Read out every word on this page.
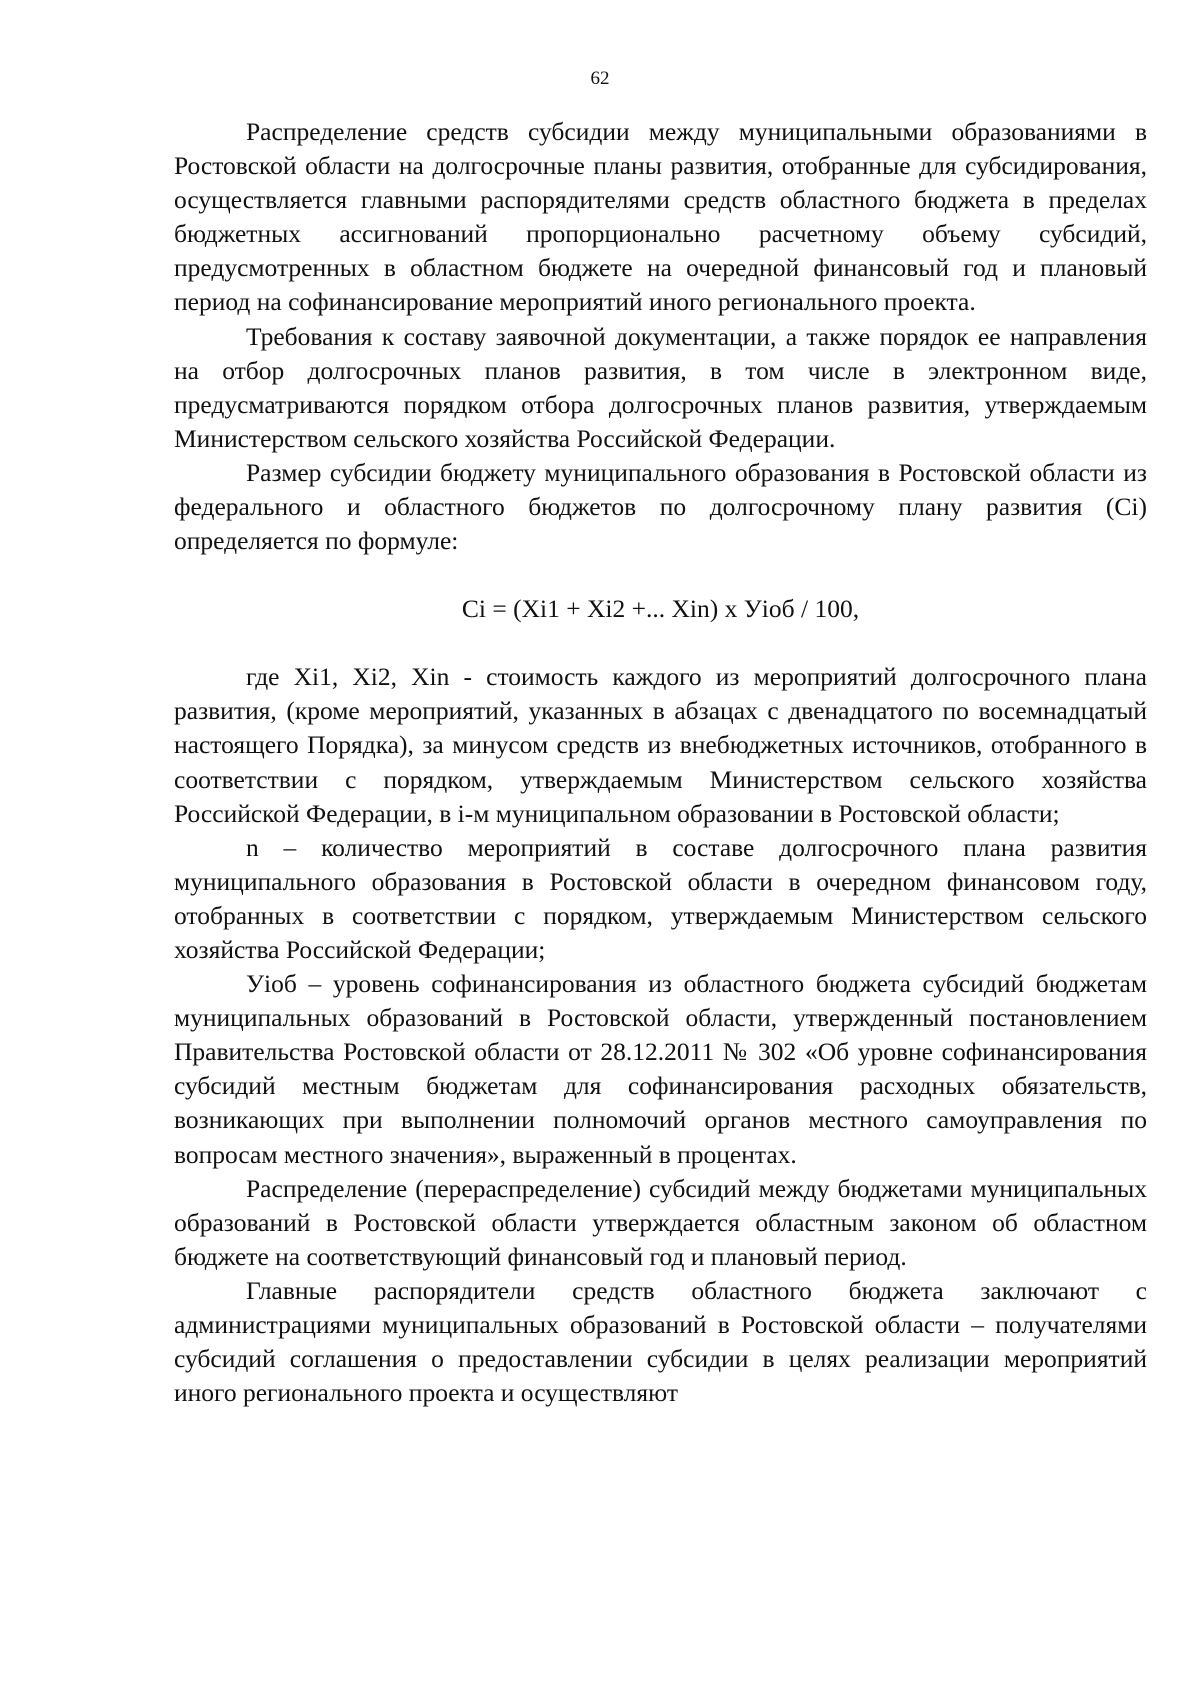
62

Распределение средств субсидии между муниципальными образованиями в Ростовской области на долгосрочные планы развития, отобранные для субсидирования, осуществляется главными распорядителями средств областного бюджета в пределах бюджетных ассигнований пропорционально расчетному объему субсидий, предусмотренных в областном бюджете на очередной финансовый год и плановый период на софинансирование мероприятий иного регионального проекта.

Требования к составу заявочной документации, а также порядок ее направления на отбор долгосрочных планов развития, в том числе в электронном виде, предусматриваются порядком отбора долгосрочных планов развития, утверждаемым Министерством сельского хозяйства Российской Федерации.

Размер субсидии бюджету муниципального образования в Ростовской области из федерального и областного бюджетов по долгосрочному плану развития (Сi) определяется по формуле:

Сi = (Хi1 + Хi2 +... Хin) x Уioб / 100,

где Хi1, Хi2, Хin - стоимость каждого из мероприятий долгосрочного плана развития, (кроме мероприятий, указанных в абзацах с двенадцатого по восемнадцатый настоящего Порядка), за минусом средств из внебюджетных источников, отобранного в соответствии с порядком, утверждаемым Министерством сельского хозяйства Российской Федерации, в i-м муниципальном образовании в Ростовской области;

n – количество мероприятий в составе долгосрочного плана развития муниципального образования в Ростовской области в очередном финансовом году, отобранных в соответствии с порядком, утверждаемым Министерством сельского хозяйства Российской Федерации;

Уioб – уровень софинансирования из областного бюджета субсидий бюджетам муниципальных образований в Ростовской области, утвержденный постановлением Правительства Ростовской области от 28.12.2011 № 302 «Об уровне софинансирования субсидий местным бюджетам для софинансирования расходных обязательств, возникающих при выполнении полномочий органов местного самоуправления по вопросам местного значения», выраженный в процентах.

Распределение (перераспределение) субсидий между бюджетами муниципальных образований в Ростовской области утверждается областным законом об областном бюджете на соответствующий финансовый год и плановый период.

Главные распорядители средств областного бюджета заключают с администрациями муниципальных образований в Ростовской области – получателями субсидий соглашения о предоставлении субсидии в целях реализации мероприятий иного регионального проекта и осуществляют
